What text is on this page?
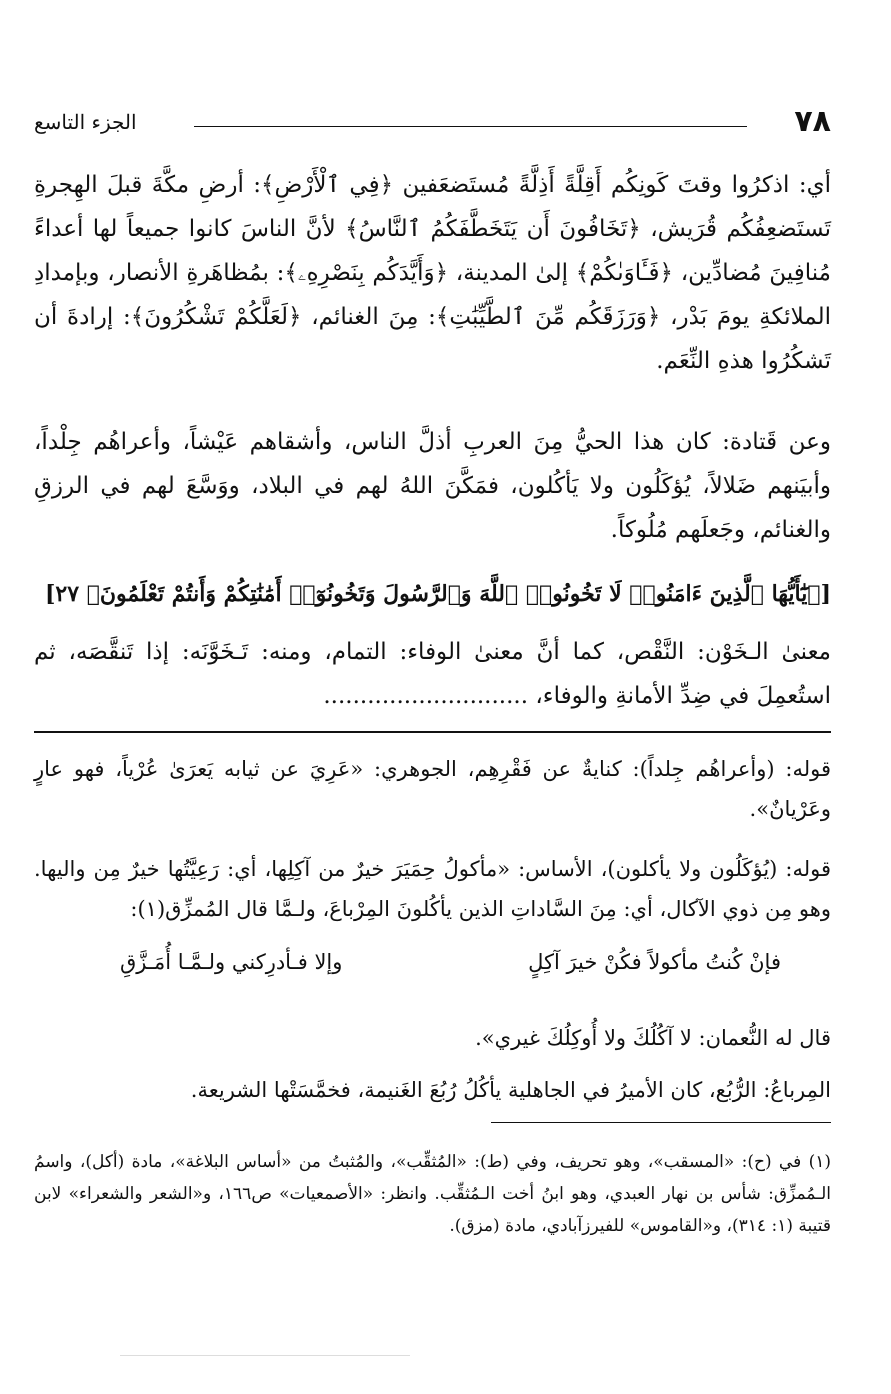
٧٨
الجزء التاسع

أي: اذكرُوا وقتَ كَونِكُم أَقِلَّةً أَذِلَّةً مُستَضعَفين ﴿فِي ٱلْأَرْضِ﴾: أرضِ مكَّةَ قبلَ الهِجرةِ تَستَضعِفُكُم قُرَيش، ﴿تَخَافُونَ أَن يَتَخَطَّفَكُمُ ٱلنَّاسُ﴾ لأنَّ الناسَ كانوا جميعاً لها أعداءً مُنافِينَ مُضادِّين، ﴿فَـَٔاوَىٰكُمْ﴾ إلىٰ المدينة، ﴿وَأَيَّدَكُم بِنَصْرِهِۦ﴾: بمُظاهَرةِ الأنصار، وبإمدادِ الملائكةِ يومَ بَدْر، ﴿وَرَزَقَكُم مِّنَ ٱلطَّيِّبَٰتِ﴾: مِنَ الغنائم، ﴿لَعَلَّكُمْ تَشْكُرُونَ﴾: إرادةَ أن تَشكُرُوا هذهِ النِّعَم.

وعن قَتادة: كان هذا الحيُّ مِنَ العربِ أذلَّ الناس، وأشقاهم عَيْشاً، وأعراهُم جِلْداً، وأبيَنهم ضَلالاً، يُؤكَلُون ولا يَأكُلون، فمَكَّنَ اللهُ لهم في البلاد، ووَسَّعَ لهم في الرزقِ والغنائم، وجَعلَهم مُلُوكاً.

[﴿يَٰٓأَيُّهَا ٱلَّذِينَ ءَامَنُوا۟ لَا تَخُونُوا۟ ٱللَّهَ وَٱلرَّسُولَ وَتَخُونُوٓا۟ أَمَٰنَٰتِكُمْ وَأَنتُمْ تَعْلَمُونَ﴾ ٢٧]

معنىٰ الـخَوْن: النَّقْص، كما أنَّ معنىٰ الوفاء: التمام، ومنه: تَـخَوَّنَه: إذا تَنقَّصَه، ثم استُعمِلَ في ضِدِّ الأمانةِ والوفاء، ............................

قوله: (وأعراهُم جِلداً): كنايةٌ عن فَقْرِهِم، الجوهري: «عَرِيَ عن ثيابه يَعرَىٰ عُرْياً، فهو عارٍ وعَرْيانٌ».

قوله: (يُؤكَلُون ولا يأكلون)، الأساس: «مأكولُ حِمَيَرَ خيرٌ من آكِلِها، أي: رَعِيَّتُها خيرٌ مِن واليها. وهو مِن ذوي الآكال، أي: مِنَ السَّاداتِ الذين يأكُلونَ المِرْباعَ، ولـمَّا قال المُمزِّق(١):

فإنْ كُنتُ مأكولاً فكُنْ خيرَ آكِلٍ
وإلا فـأدرِكني ولـمَّـا أُمَـزَّقِ

قال له النُّعمان: لا آكُلُكَ ولا أُوكِلُكَ غيري».

المِرباعُ: الرُّبُع، كان الأميرُ في الجاهلية يأكُلُ رُبُعَ الغَنيمة، فخمَّسَتْها الشريعة.

(١) في (ح): «المسقب»، وهو تحريف، وفي (ط): «المُثقِّب»، والمُثبتُ من «أساس البلاغة»، مادة (أكل)، واسمُ الـمُمزِّق: شأس بن نهار العبدي، وهو ابنُ أخت الـمُثقِّب. وانظر: «الأصمعيات» ص١٦٦، و«الشعر والشعراء» لابن قتيبة (١: ٣١٤)، و«القاموس» للفيرزآبادي، مادة (مزق).
